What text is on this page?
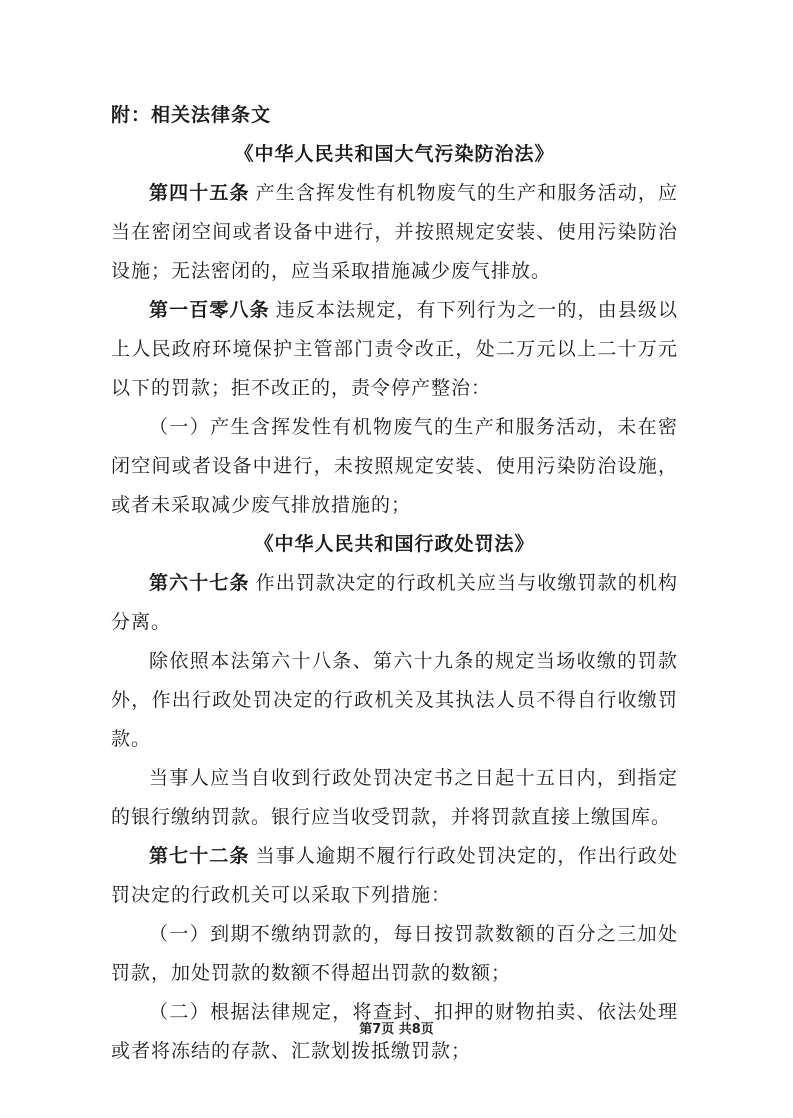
附：相关法律条文

《中华人民共和国大气污染防治法》

第四十五条 产生含挥发性有机物废气的生产和服务活动，应当在密闭空间或者设备中进行，并按照规定安装、使用污染防治设施；无法密闭的，应当采取措施减少废气排放。

第一百零八条 违反本法规定，有下列行为之一的，由县级以上人民政府环境保护主管部门责令改正，处二万元以上二十万元以下的罚款；拒不改正的，责令停产整治：

（一）产生含挥发性有机物废气的生产和服务活动，未在密闭空间或者设备中进行，未按照规定安装、使用污染防治设施，或者未采取减少废气排放措施的；

《中华人民共和国行政处罚法》

第六十七条 作出罚款决定的行政机关应当与收缴罚款的机构分离。

除依照本法第六十八条、第六十九条的规定当场收缴的罚款外，作出行政处罚决定的行政机关及其执法人员不得自行收缴罚款。

当事人应当自收到行政处罚决定书之日起十五日内，到指定的银行缴纳罚款。银行应当收受罚款，并将罚款直接上缴国库。

第七十二条 当事人逾期不履行行政处罚决定的，作出行政处罚决定的行政机关可以采取下列措施：

（一）到期不缴纳罚款的，每日按罚款数额的百分之三加处罚款，加处罚款的数额不得超出罚款的数额；

（二）根据法律规定，将查封、扣押的财物拍卖、依法处理或者将冻结的存款、汇款划拨抵缴罚款；

第7页 共8页
